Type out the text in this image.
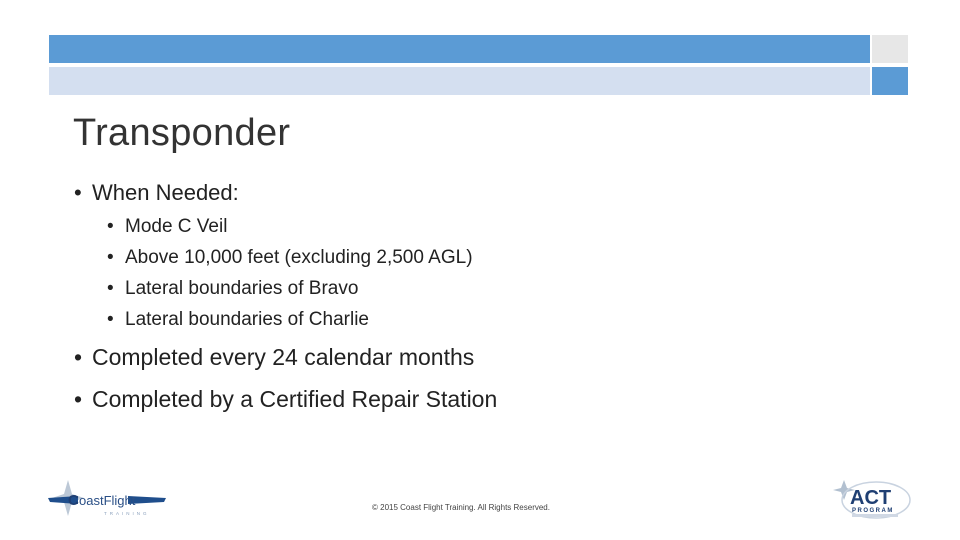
Transponder
• When Needed:
• Mode C Veil
• Above 10,000 feet (excluding 2,500 AGL)
• Lateral boundaries of Bravo
• Lateral boundaries of Charlie
• Completed every 24 calendar months
• Completed by a Certified Repair Station
C oastFlight
TRAINING
ACT
PROGRAM
© 2015 Coast Flight Training. All Rights Reserved.
